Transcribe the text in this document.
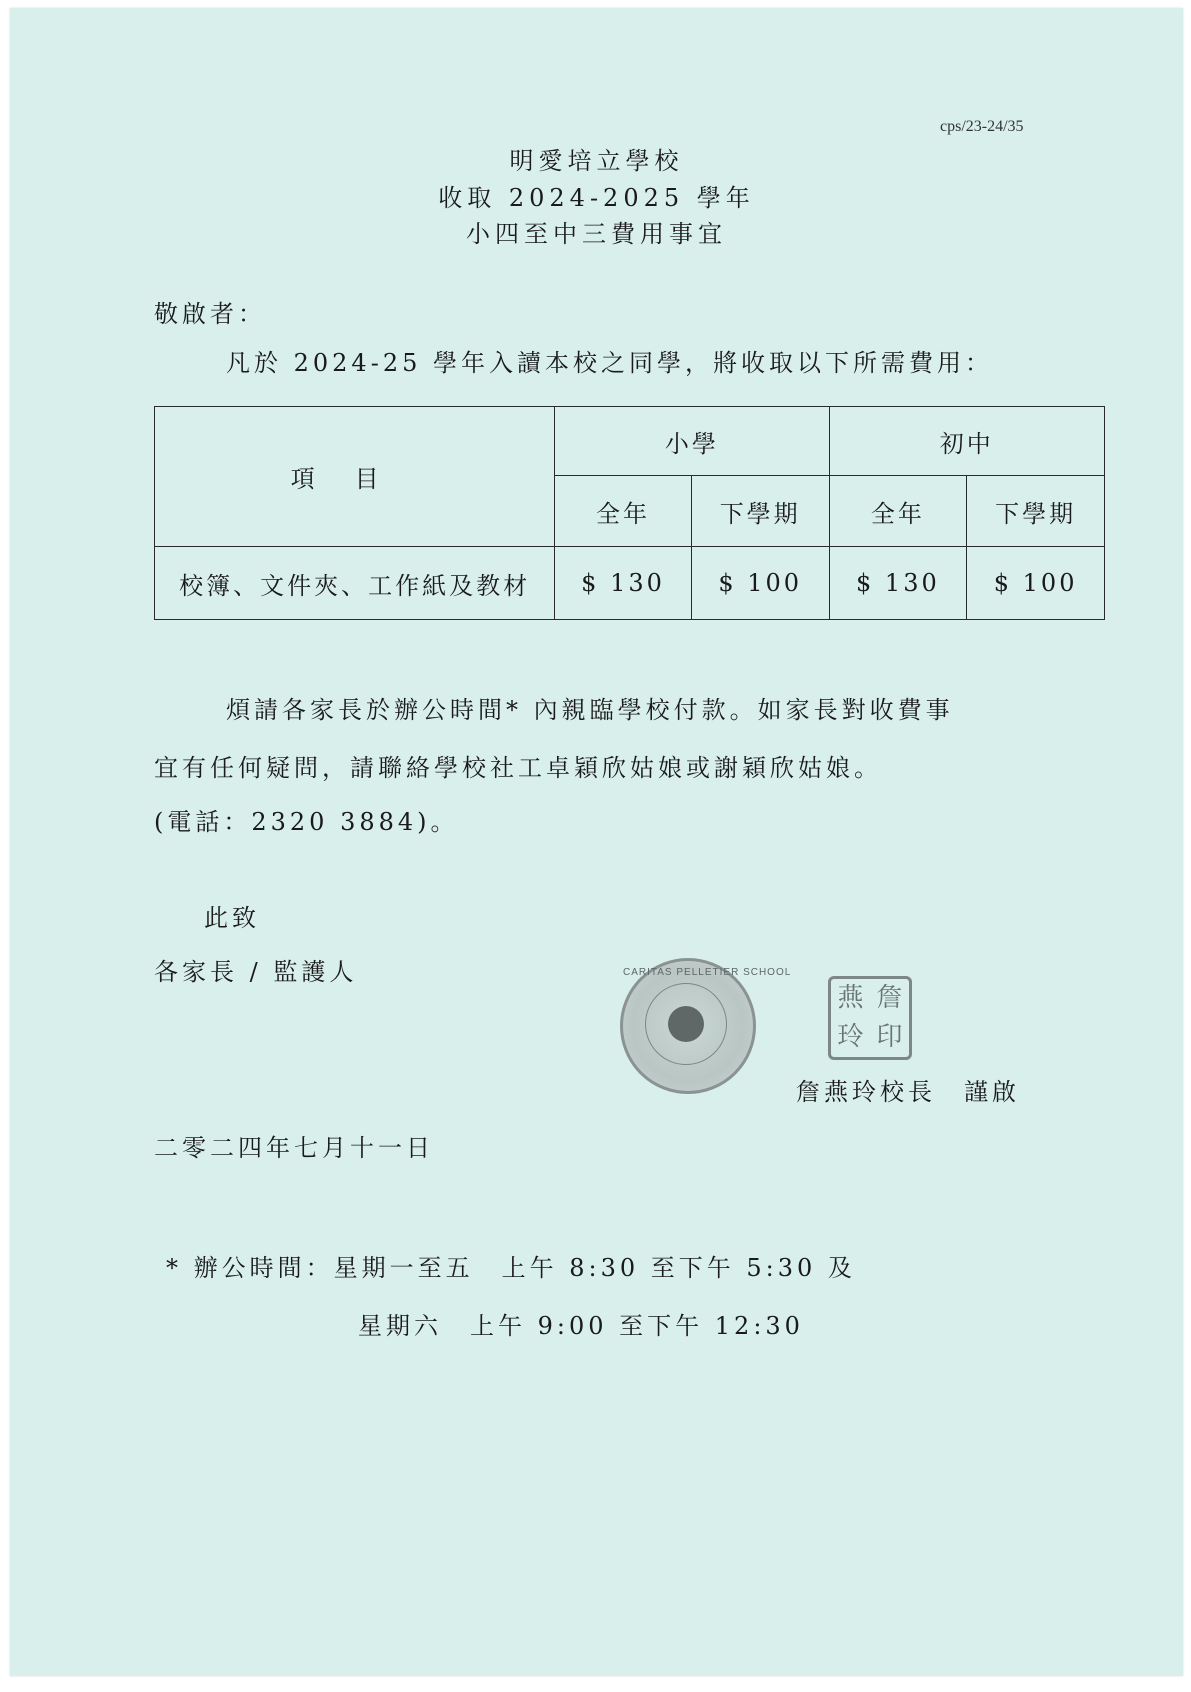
cps/23-24/35
明愛培立學校
收取 2024-2025 學年
小四至中三費用事宜
敬啟者：
凡於 2024-25 學年入讀本校之同學，將收取以下所需費用：
項目	小學		初中	
	全年	下學期	全年	下學期
校簿、文件夾、工作紙及教材	$ 130	$ 100	$ 130	$ 100
煩請各家長於辦公時間* 內親臨學校付款。如家長對收費事
宜有任何疑問，請聯絡學校社工卓穎欣姑娘或謝穎欣姑娘。
(電話：2320 3884)。
此致
各家長 / 監護人	CARITAS PELLETIER SCHOOL
燕 詹
玲 印
詹燕玲校長　謹啟
二零二四年七月十一日
* 辦公時間：星期一至五　上午 8:30 至下午 5:30 及
星期六　上午 9:00 至下午 12:30
